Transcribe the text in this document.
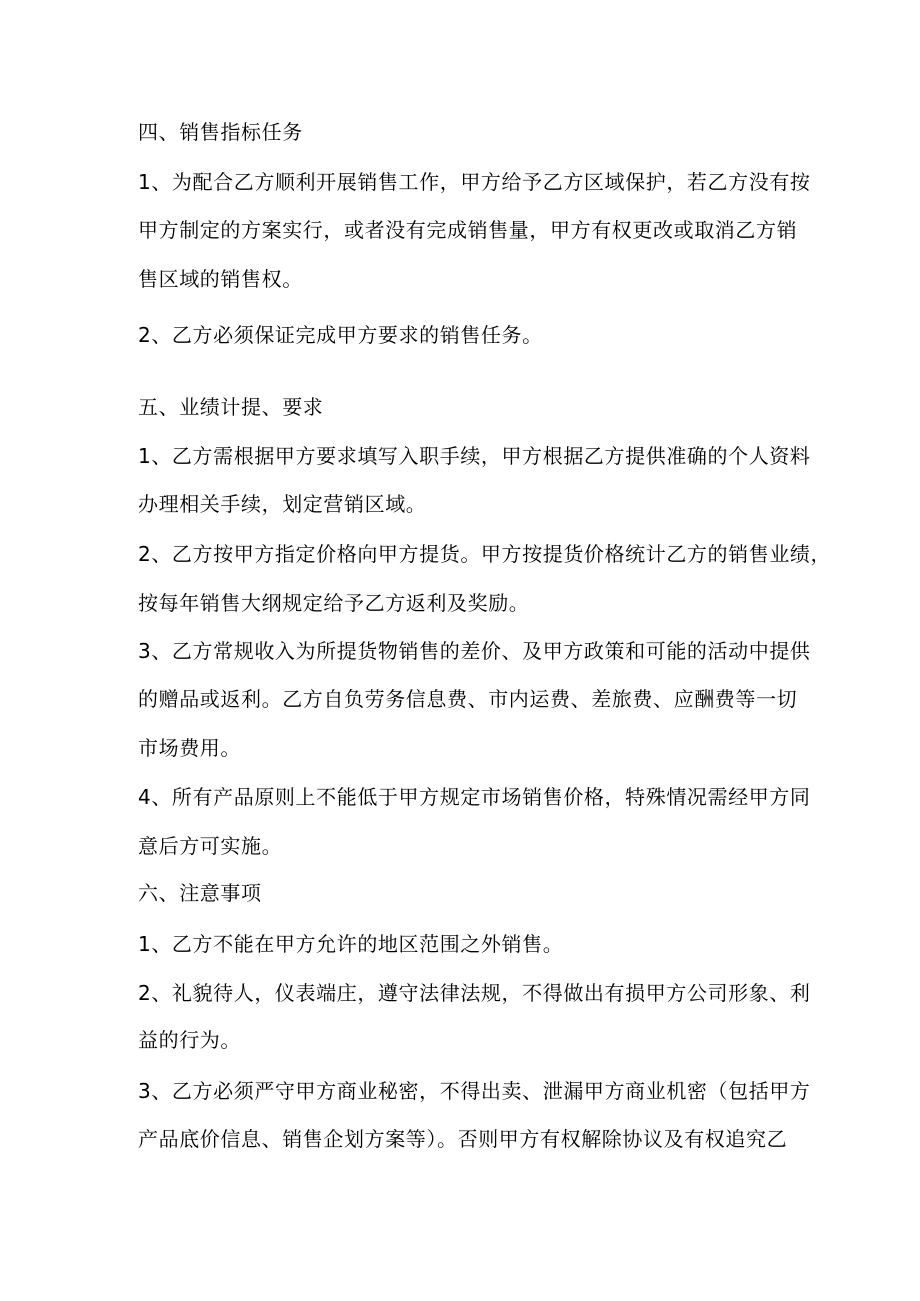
四、销售指标任务
1、为配合乙方顺利开展销售工作，甲方给予乙方区域保护，若乙方没有按
甲方制定的方案实行，或者没有完成销售量，甲方有权更改或取消乙方销
售区域的销售权。
2、乙方必须保证完成甲方要求的销售任务。
五、业绩计提、要求
1、乙方需根据甲方要求填写入职手续，甲方根据乙方提供准确的个人资料
办理相关手续，划定营销区域。
2、乙方按甲方指定价格向甲方提货。甲方按提货价格统计乙方的销售业绩，
按每年销售大纲规定给予乙方返利及奖励。
3、乙方常规收入为所提货物销售的差价、及甲方政策和可能的活动中提供
的赠品或返利。乙方自负劳务信息费、市内运费、差旅费、应酬费等一切
市场费用。
4、所有产品原则上不能低于甲方规定市场销售价格，特殊情况需经甲方同
意后方可实施。
六、注意事项
1、乙方不能在甲方允许的地区范围之外销售。
2、礼貌待人，仪表端庄，遵守法律法规，不得做出有损甲方公司形象、利
益的行为。
3、乙方必须严守甲方商业秘密，不得出卖、泄漏甲方商业机密（包括甲方
产品底价信息、销售企划方案等）。否则甲方有权解除协议及有权追究乙
